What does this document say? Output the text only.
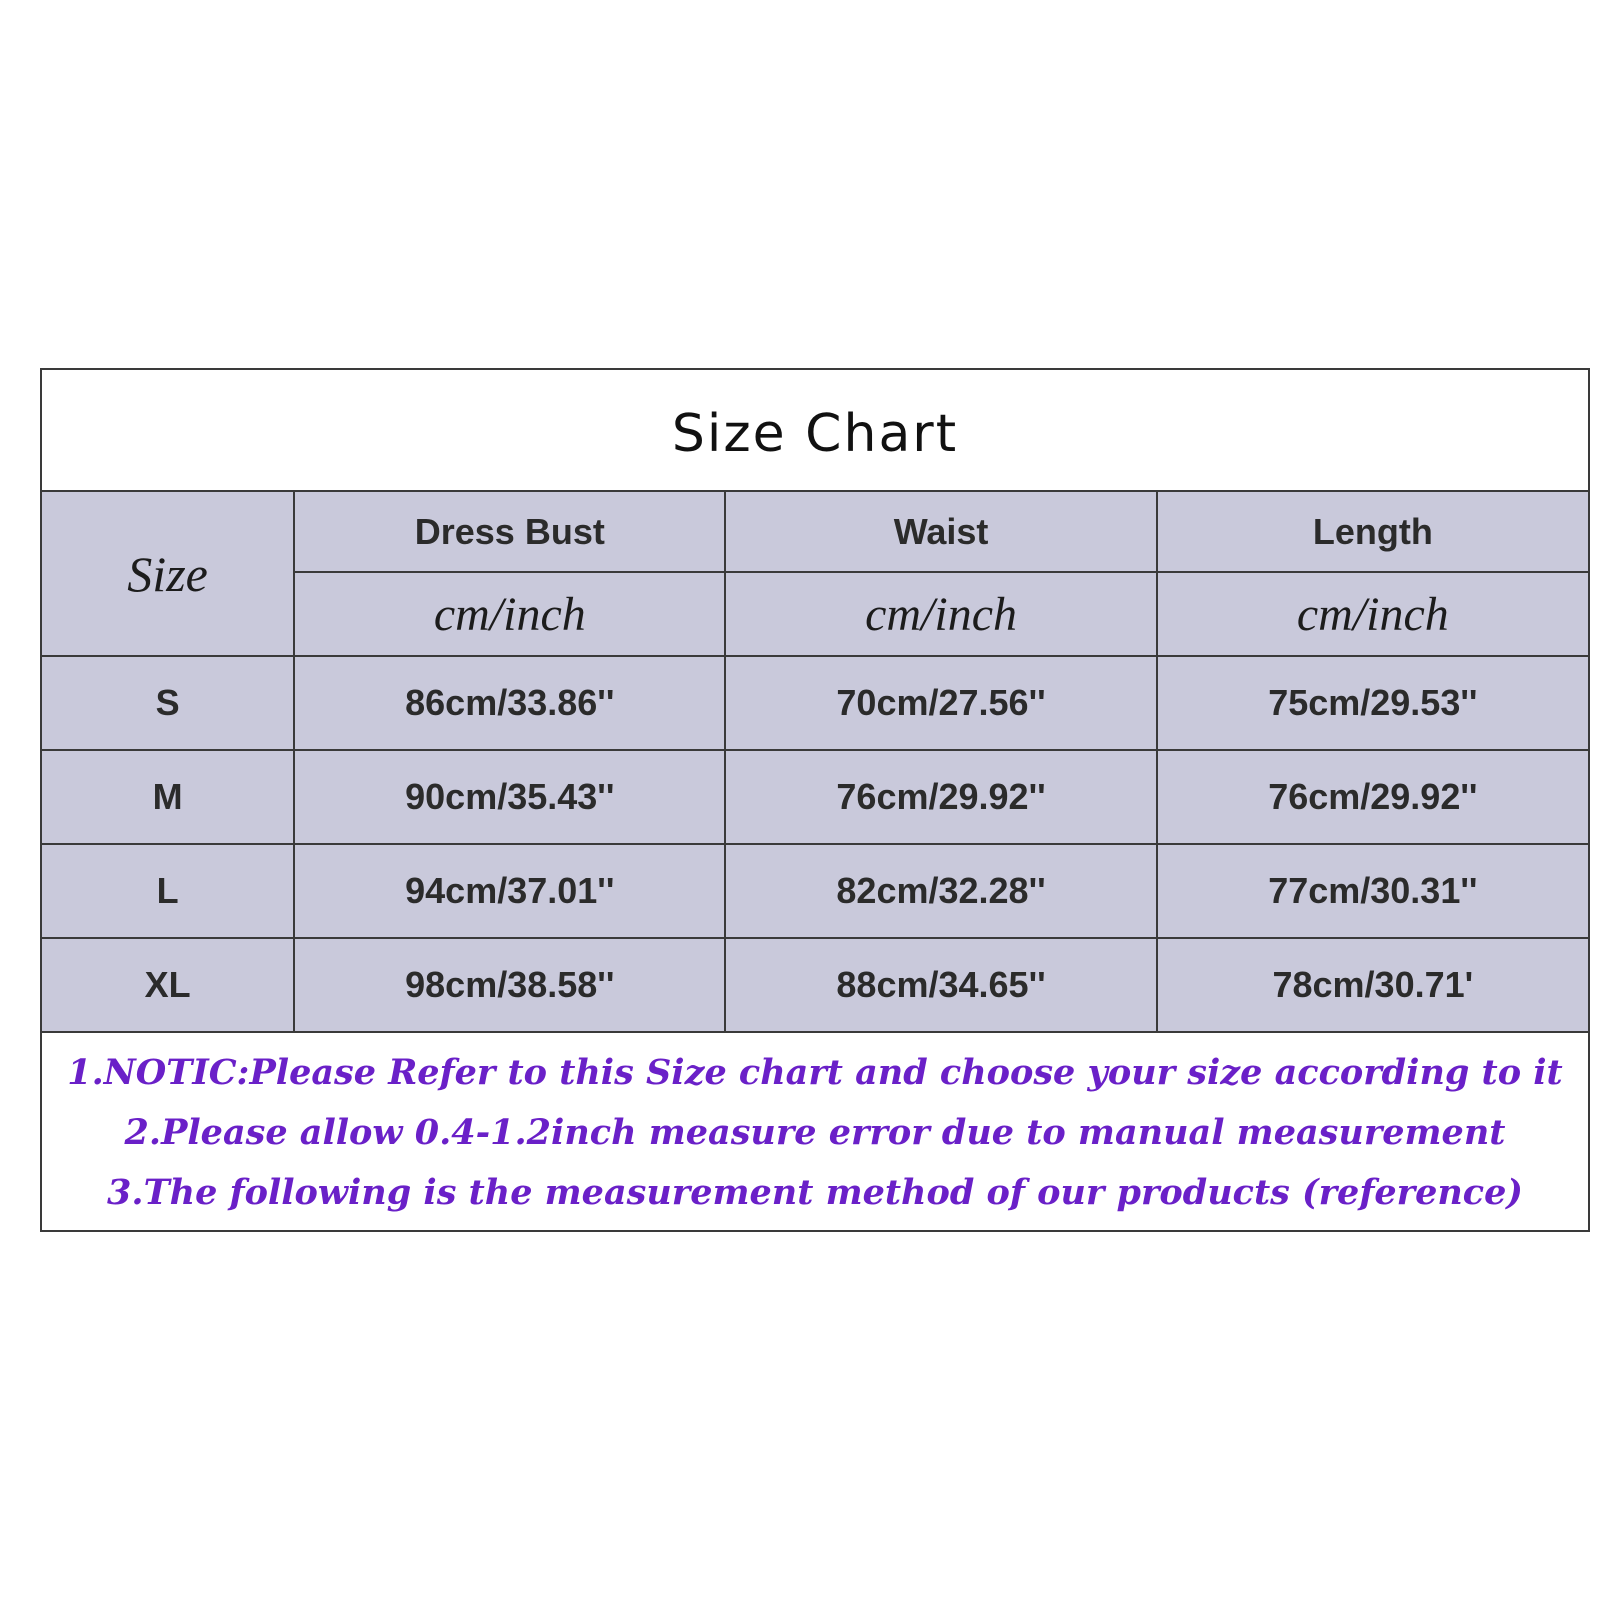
Size Chart
Size	Dress Bust	Waist	Length
	cm/inch	cm/inch	cm/inch
S	86cm/33.86''	70cm/27.56''	75cm/29.53''
M	90cm/35.43''	76cm/29.92''	76cm/29.92''
L	94cm/37.01''	82cm/32.28''	77cm/30.31''
XL	98cm/38.58''	88cm/34.65''	78cm/30.71'
1.NOTIC:Please Refer to this Size chart and choose your size according to it
2.Please allow 0.4-1.2inch measure error due to manual measurement
3.The following is the measurement method of our products (reference)
